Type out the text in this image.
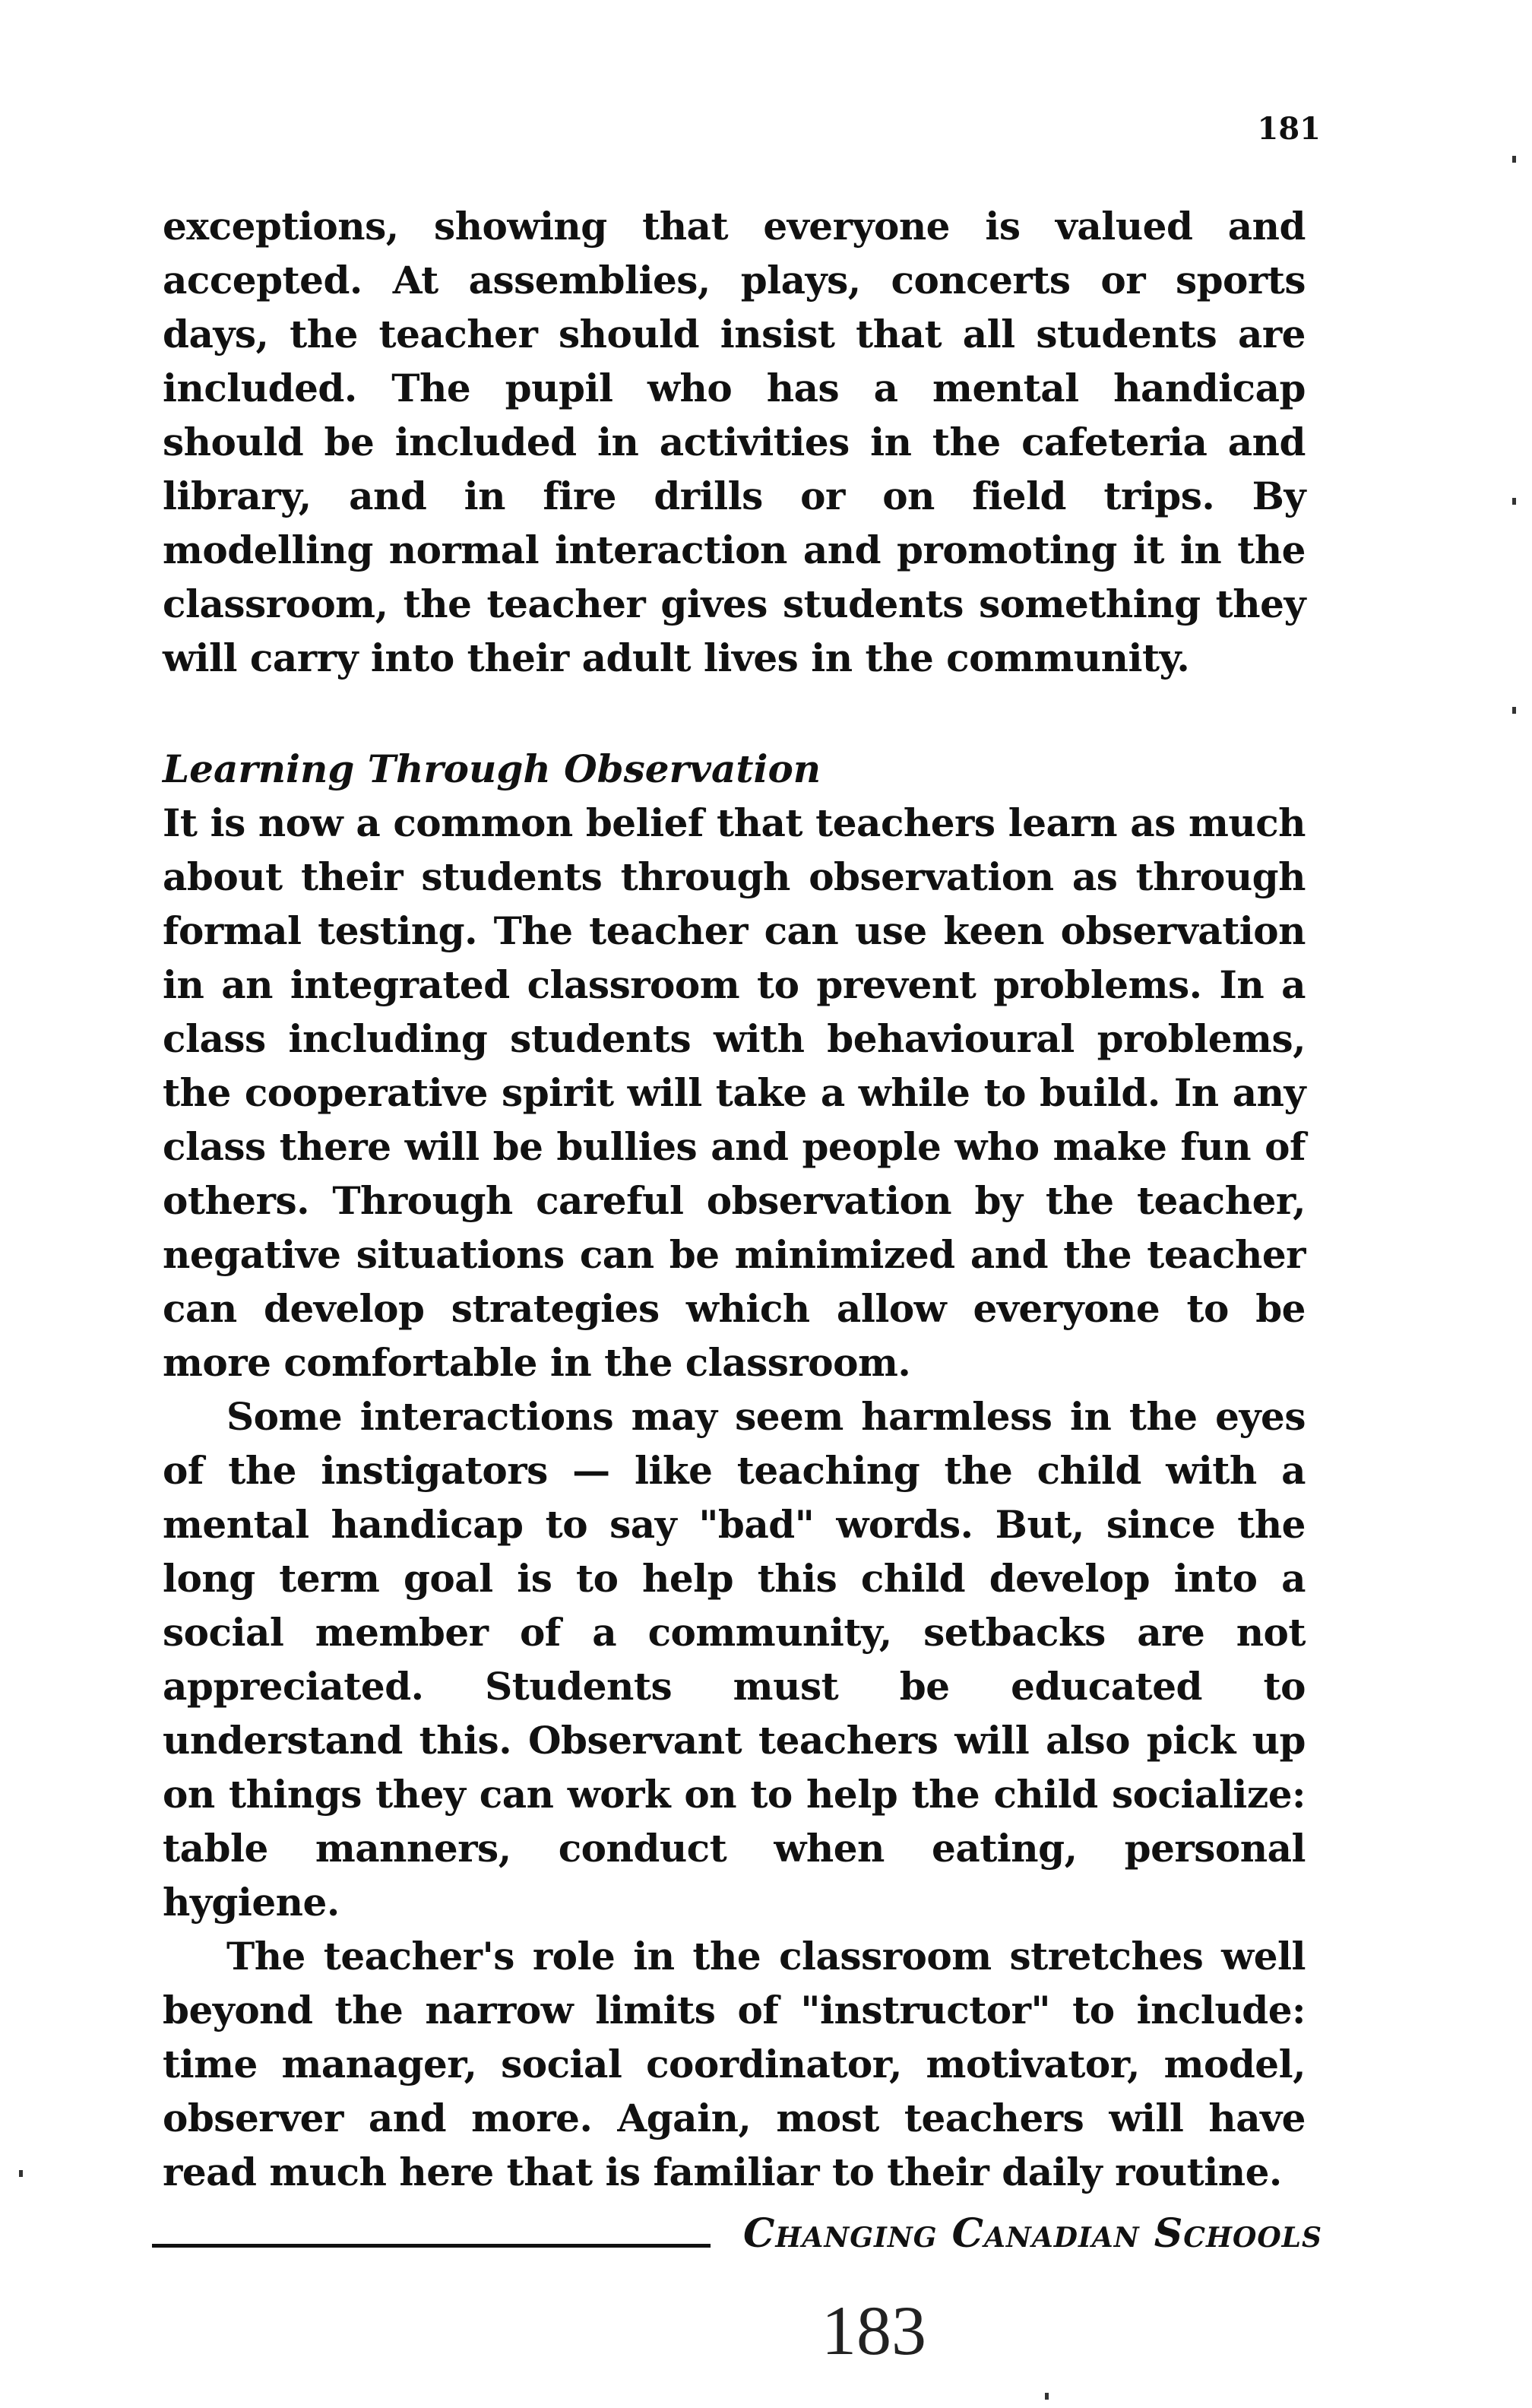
181

exceptions, showing that everyone is valued and accepted. At assemblies, plays, concerts or sports days, the teacher should insist that all students are included. The pupil who has a mental handicap should be included in activities in the cafeteria and library, and in fire drills or on field trips. By modelling normal interaction and promoting it in the classroom, the teacher gives students something they will carry into their adult lives in the community.

Learning Through Observation

It is now a common belief that teachers learn as much about their students through observation as through formal testing. The teacher can use keen observation in an integrated classroom to prevent problems. In a class including students with behavioural problems, the cooperative spirit will take a while to build. In any class there will be bullies and people who make fun of others. Through careful observation by the teacher, negative situations can be minimized and the teacher can develop strategies which allow everyone to be more comfortable in the classroom.

Some interactions may seem harmless in the eyes of the instigators — like teaching the child with a mental handicap to say "bad" words. But, since the long term goal is to help this child develop into a social member of a community, setbacks are not appreciated. Students must be educated to understand this. Observant teachers will also pick up on things they can work on to help the child socialize: table manners, conduct when eating, personal hygiene.

The teacher's role in the classroom stretches well beyond the narrow limits of "instructor" to include: time manager, social coordinator, motivator, model, observer and more. Again, most teachers will have read much here that is familiar to their daily routine.

Changing Canadian Schools
183
